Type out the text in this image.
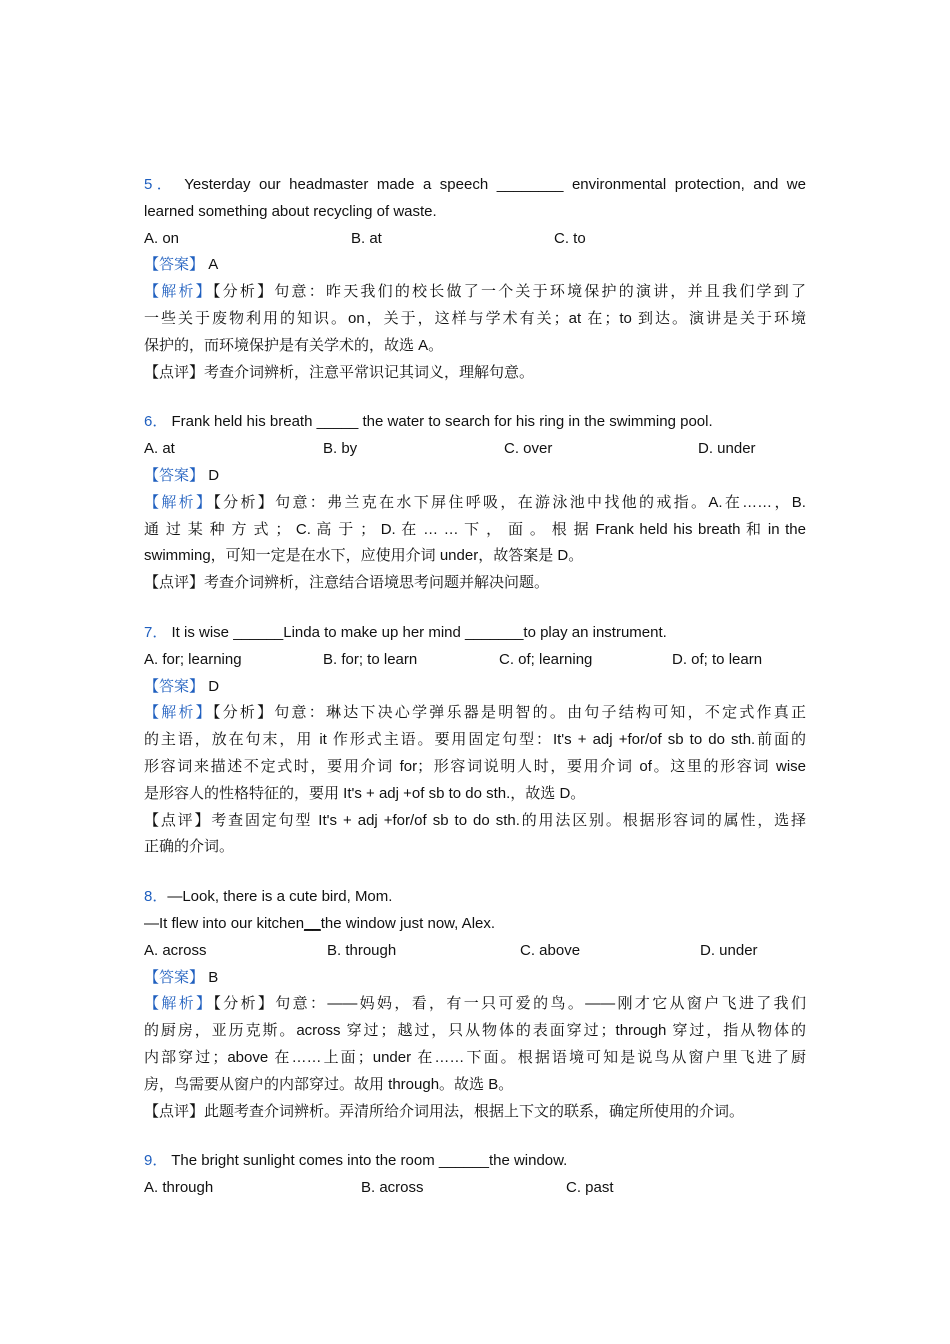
5． Yesterday our headmaster made a speech ________ environmental protection, and we
learned something about recycling of waste.
A. on	B. at	C. to
【答案】 A
【解析】【分析】句意：昨天我们的校长做了一个关于环境保护的演讲，并且我们学到了
一些关于废物利用的知识。on，关于，这样与学术有关；at 在；to 到达。演讲是关于环境
保护的，而环境保护是有关学术的，故选 A。
【点评】考查介词辨析，注意平常识记其词义，理解句意。
6． Frank held his breath _____ the water to search for his ring in the swimming pool.
A. at	B. by	C. over	D. under
【答案】 D
【解析】【分析】句意：弗兰克在水下屏住呼吸，在游泳池中找他的戒指。A.在……，B.
通 过 某 种 方 式 ； C. 高 于 ； D. 在 … … 下 ， 面 。 根 据 Frank held his breath 和 in the
swimming，可知一定是在水下，应使用介词 under，故答案是 D。
【点评】考查介词辨析，注意结合语境思考问题并解决问题。
7． It is wise ______Linda to make up her mind _______to play an instrument.
A. for; learning	B. for; to learn	C. of; learning	D. of; to learn
【答案】 D
【解析】【分析】句意：琳达下决心学弹乐器是明智的。由句子结构可知，不定式作真正
的主语，放在句末，用 it 作形式主语。要用固定句型：It's + adj +for/of sb to do sth.前面的
形容词来描述不定式时，要用介词 for；形容词说明人时，要用介词 of。这里的形容词 wise
是形容人的性格特征的，要用 It's + adj +of sb to do sth.，故选 D。
【点评】考查固定句型 It's + adj +for/of sb to do sth.的用法区别。根据形容词的属性，选择
正确的介词。
8．—Look, there is a cute bird, Mom.
—It flew into our kitchen__the window just now, Alex.
A. across	B. through	C. above	D. under
【答案】 B
【解析】【分析】句意：——妈妈，看，有一只可爱的鸟。——刚才它从窗户飞进了我们
的厨房，亚历克斯。across 穿过；越过，只从物体的表面穿过；through 穿过，指从物体的
内部穿过；above 在……上面；under 在……下面。根据语境可知是说鸟从窗户里飞进了厨
房，鸟需要从窗户的内部穿过。故用 through。故选 B。
【点评】此题考查介词辨析。弄清所给介词用法，根据上下文的联系，确定所使用的介词。
9． The bright sunlight comes into the room ______the window.
A. through	B. across	C. past
